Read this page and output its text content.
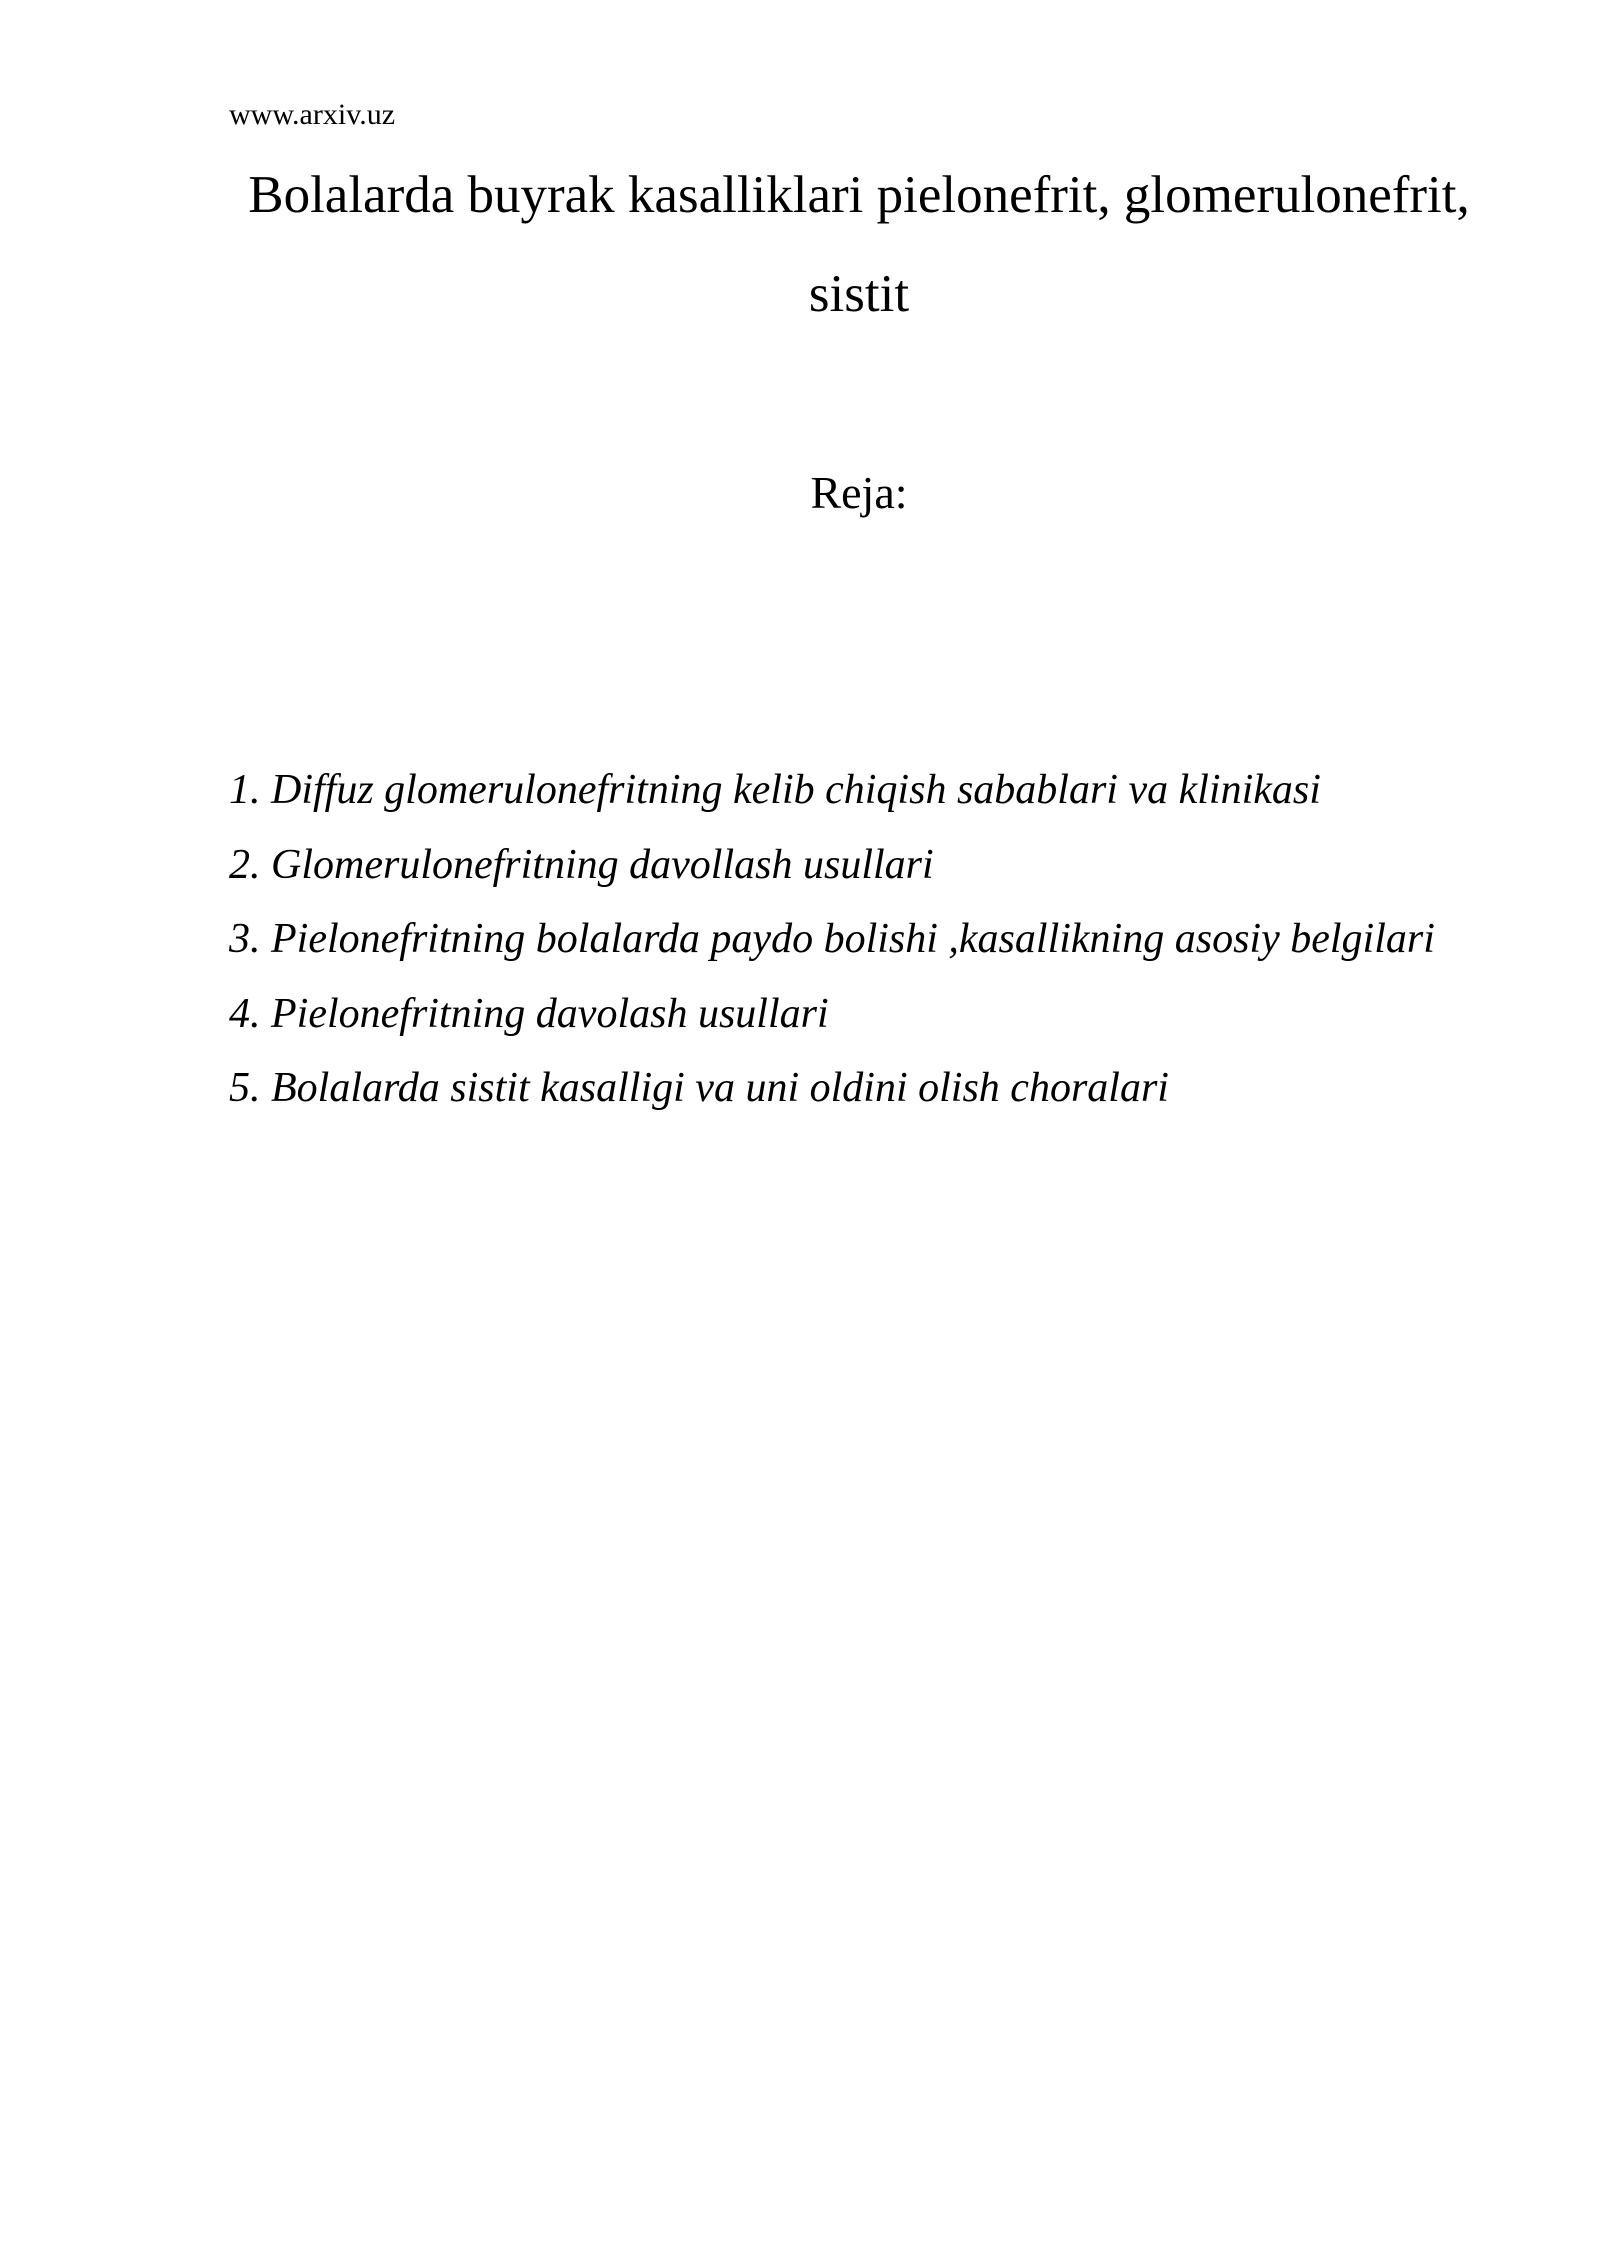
www.arxiv.uz
Bolalarda buyrak kasalliklari pielonefrit, glomerulonefrit, sistit
Reja:
1. Diffuz glomerulonefritning kelib chiqish sabablari va klinikasi
2. Glomerulonefritning davollash usullari
3. Pielonefritning bolalarda paydo bolishi ,kasallikning asosiy belgilari
4. Pielonefritning davolash usullari
5. Bolalarda sistit kasalligi va uni oldini olish choralari
